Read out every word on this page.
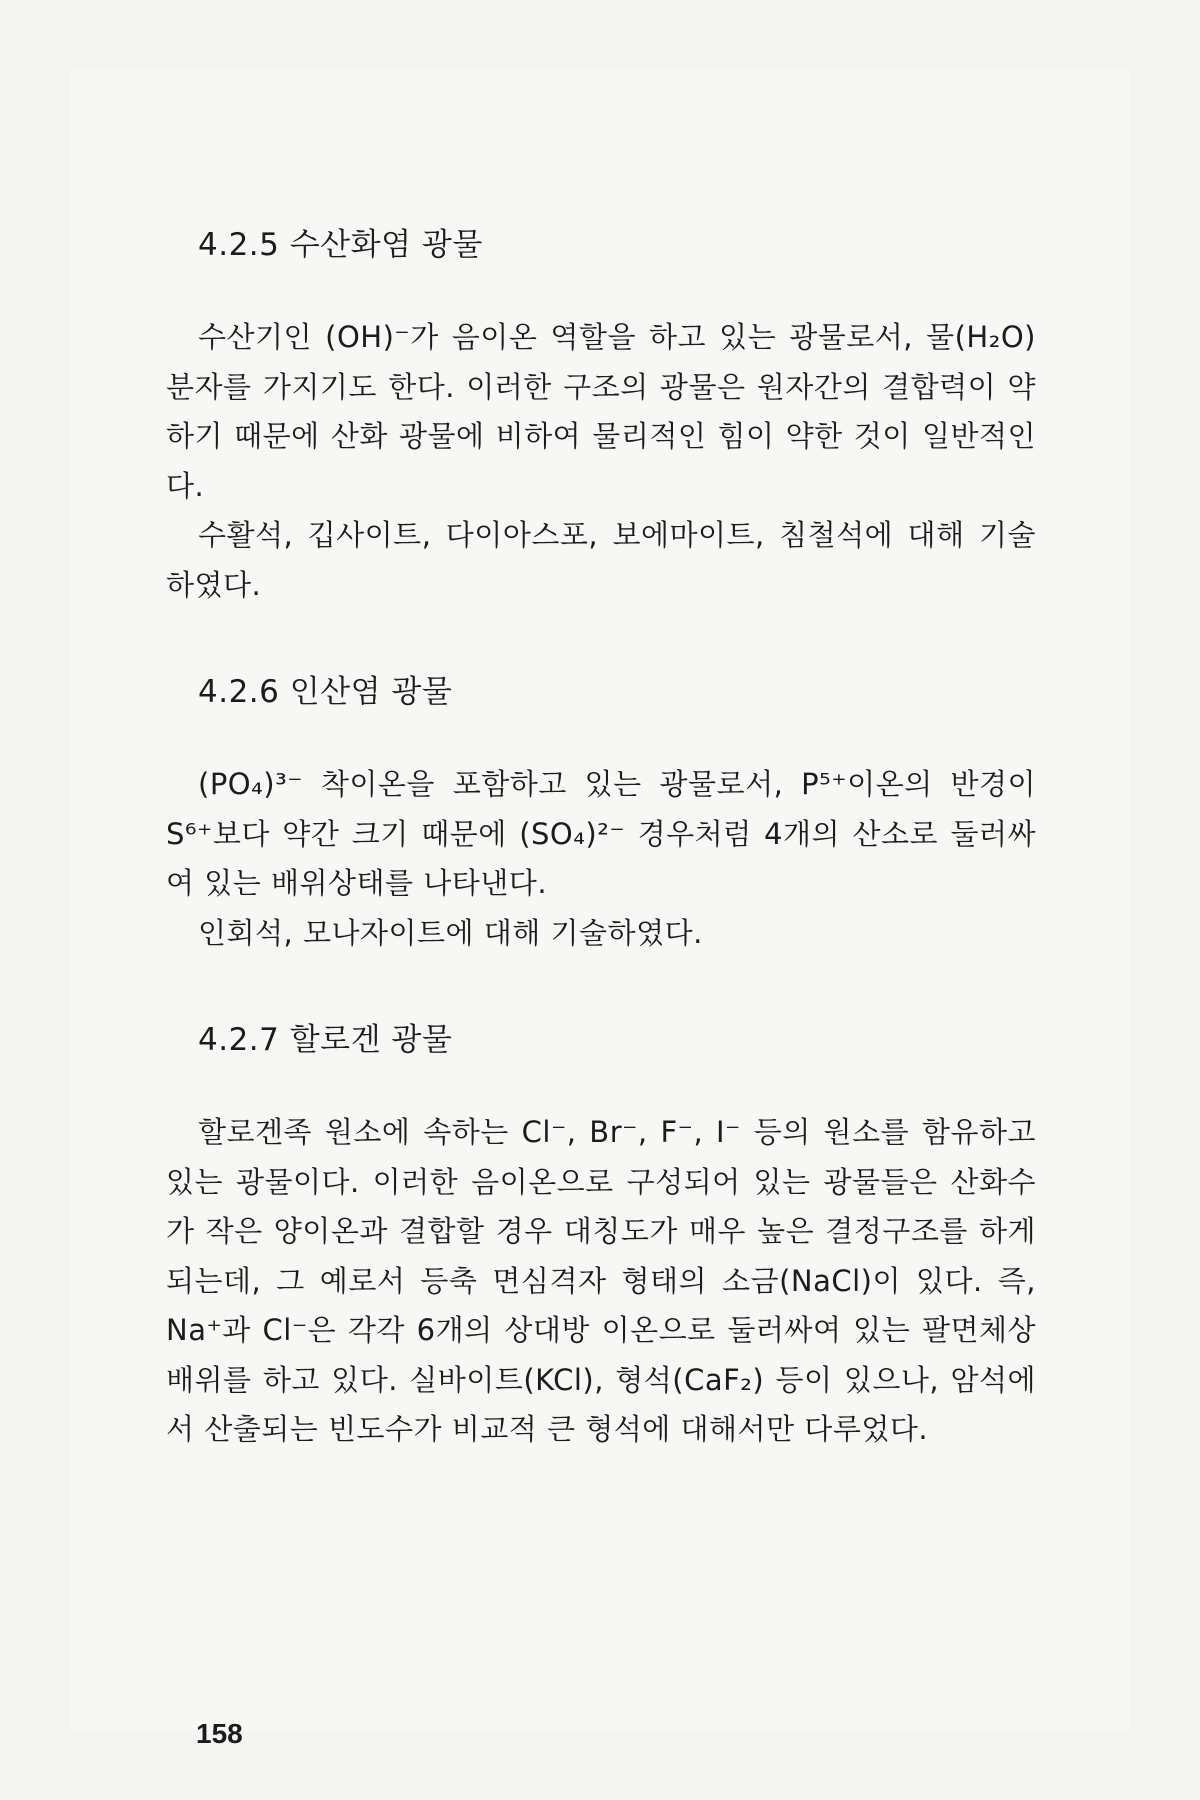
4.2.5 수산화염 광물

수산기인 (OH)⁻가 음이온 역할을 하고 있는 광물로서, 물(H₂O) 분자를 가지기도 한다. 이러한 구조의 광물은 원자간의 결합력이 약하기 때문에 산화 광물에 비하여 물리적인 힘이 약한 것이 일반적인다.

수활석, 깁사이트, 다이아스포, 보에마이트, 침철석에 대해 기술하였다.

4.2.6 인산염 광물

(PO₄)³⁻ 착이온을 포함하고 있는 광물로서, P⁵⁺이온의 반경이 S⁶⁺보다 약간 크기 때문에 (SO₄)²⁻ 경우처럼 4개의 산소로 둘러싸여 있는 배위상태를 나타낸다.

인회석, 모나자이트에 대해 기술하였다.

4.2.7 할로겐 광물

할로겐족 원소에 속하는 Cl⁻, Br⁻, F⁻, I⁻ 등의 원소를 함유하고 있는 광물이다. 이러한 음이온으로 구성되어 있는 광물들은 산화수가 작은 양이온과 결합할 경우 대칭도가 매우 높은 결정구조를 하게 되는데, 그 예로서 등축 면심격자 형태의 소금(NaCl)이 있다. 즉, Na⁺과 Cl⁻은 각각 6개의 상대방 이온으로 둘러싸여 있는 팔면체상 배위를 하고 있다. 실바이트(KCl), 형석(CaF₂) 등이 있으나, 암석에서 산출되는 빈도수가 비교적 큰 형석에 대해서만 다루었다.

158
